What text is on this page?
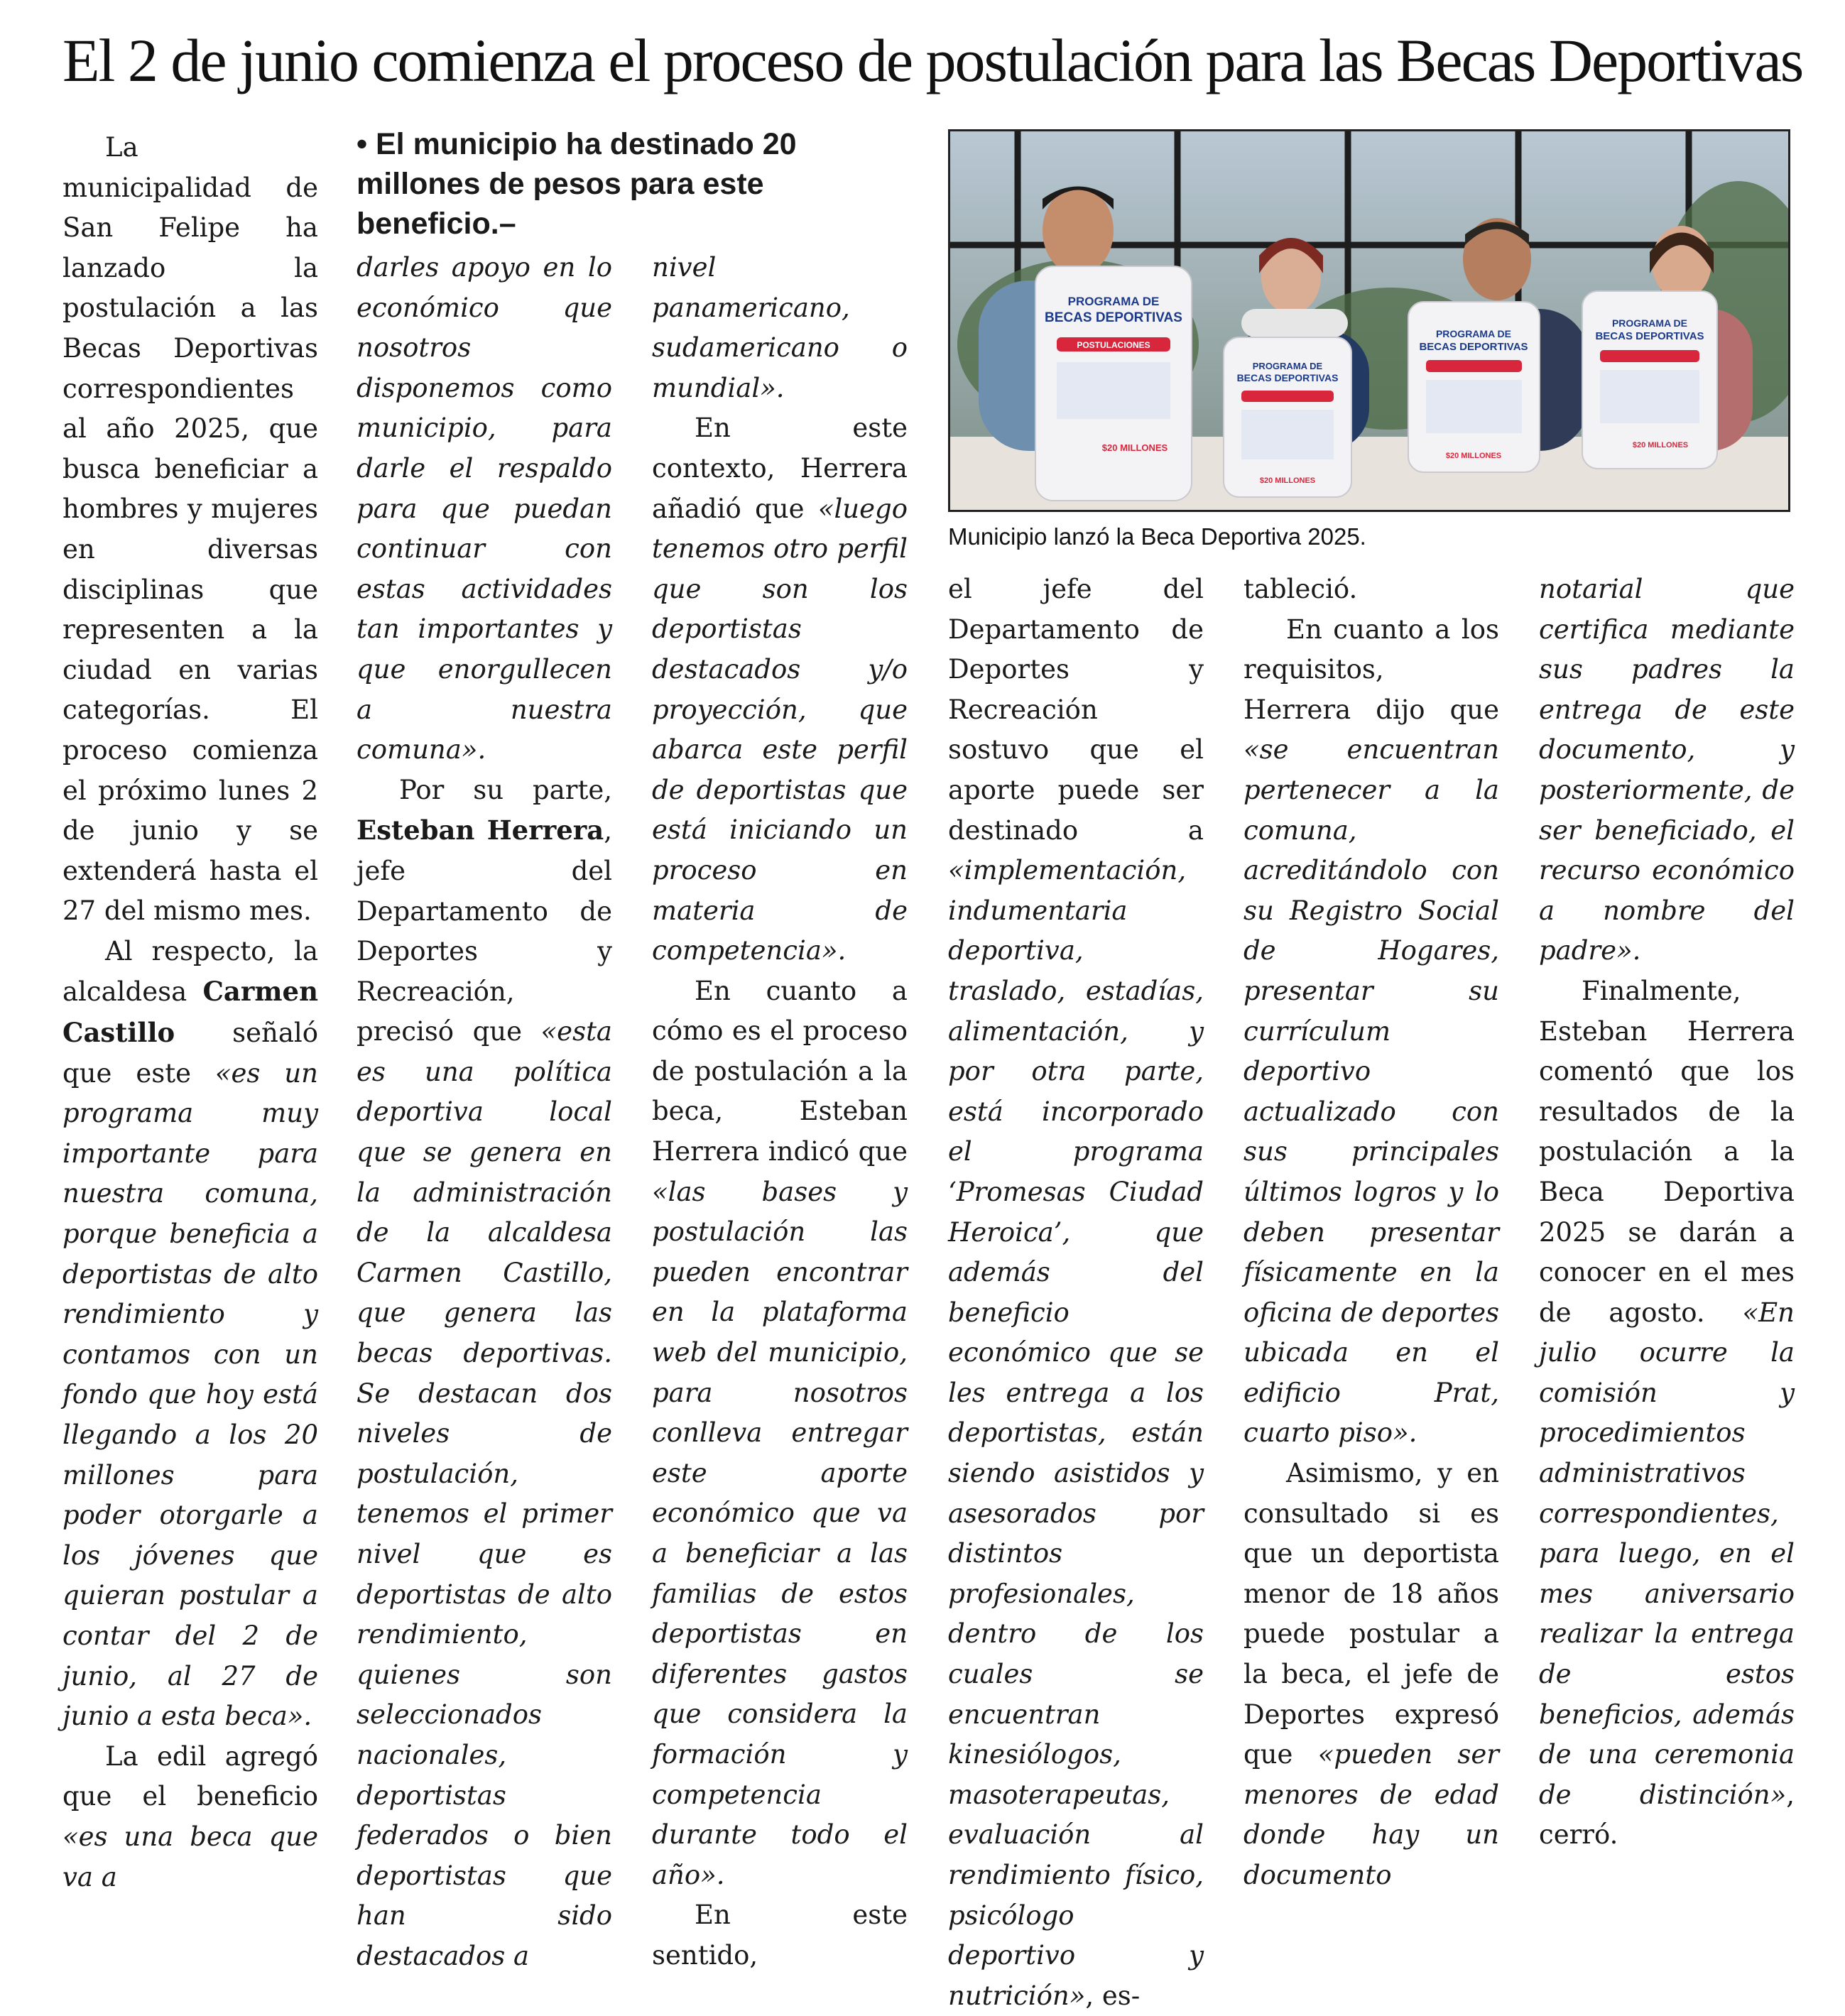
El 2 de junio comienza el proceso de postulación para las Becas Deportivas

La municipalidad de San Felipe ha lanzado la postulación a las Becas Deportivas correspondientes al año 2025, que busca beneficiar a hombres y mujeres en diversas disciplinas que representen a la ciudad en varias categorías. El proceso comienza el próximo lunes 2 de junio y se extenderá hasta el 27 del mismo mes.

Al respecto, la alcaldesa Carmen Castillo señaló que este «es un programa muy importante para nuestra comuna, porque beneficia a deportistas de alto rendimiento y contamos con un fondo que hoy está llegando a los 20 millones para poder otorgarle a los jóvenes que quieran postular a contar del 2 de junio, al 27 de junio a esta beca».

La edil agregó que el beneficio «es una beca que va a

• El municipio ha destinado 20 millones de pesos para este beneficio.–

darles apoyo en lo económico que nosotros disponemos como municipio, para darle el respaldo para que puedan continuar con estas actividades tan importantes y que enorgullecen a nuestra comuna».

Por su parte, Esteban Herrera, jefe del Departamento de Deportes y Recreación, precisó que «esta es una política deportiva local que se genera en la administración de la alcaldesa Carmen Castillo, que genera las becas deportivas. Se destacan dos niveles de postulación, tenemos el primer nivel que es deportistas de alto rendimiento, quienes son seleccionados nacionales, deportistas federados o bien deportistas que han sido destacados a

nivel panamericano, sudamericano o mundial».

En este contexto, Herrera añadió que «luego tenemos otro perfil que son los deportistas destacados y/o proyección, que abarca este perfil de deportistas que está iniciando un proceso en materia de competencia».

En cuanto a cómo es el proceso de postulación a la beca, Esteban Herrera indicó que «las bases y postulación las pueden encontrar en la plataforma web del municipio, para nosotros conlleva entregar este aporte económico que va a beneficiar a las familias de estos deportistas en diferentes gastos que considera la formación y competencia durante todo el año».

En este sentido,

PROGRAMA DE
BECAS DEPORTIVAS
POSTULACIONES
$20 MILLONES
PROGRAMA DE
BECAS DEPORTIVAS
$20 MILLONES
PROGRAMA DE
BECAS DEPORTIVAS
$20 MILLONES
PROGRAMA DE
BECAS DEPORTIVAS
$20 MILLONES
Municipio lanzó la Beca Deportiva 2025.

el jefe del Departamento de Deportes y Recreación sostuvo que el aporte puede ser destinado a «implementación, indumentaria deportiva, traslado, estadías, alimentación, y por otra parte, está incorporado el programa ‘Promesas Ciudad Heroica’, que además del beneficio económico que se les entrega a los deportistas, están siendo asistidos y asesorados por distintos profesionales, dentro de los cuales se encuentran kinesiólogos, masoterapeutas, evaluación al rendimiento físico, psicólogo deportivo y nutrición», es-

tableció.

En cuanto a los requisitos, Herrera dijo que «se encuentran pertenecer a la comuna, acreditándolo con su Registro Social de Hogares, presentar su currículum deportivo actualizado con sus principales últimos logros y lo deben presentar físicamente en la oficina de deportes ubicada en el edificio Prat, cuarto piso».

Asimismo, y en consultado si es que un deportista menor de 18 años puede postular a la beca, el jefe de Deportes expresó que «pueden ser menores de edad donde hay un documento

notarial que certifica mediante sus padres la entrega de este documento, y posteriormente, de ser beneficiado, el recurso económico a nombre del padre».

Finalmente, Esteban Herrera comentó que los resultados de la postulación a la Beca Deportiva 2025 se darán a conocer en el mes de agosto. «En julio ocurre la comisión y procedimientos administrativos correspondientes, para luego, en el mes aniversario realizar la entrega de estos beneficios, además de una ceremonia de distinción», cerró.
